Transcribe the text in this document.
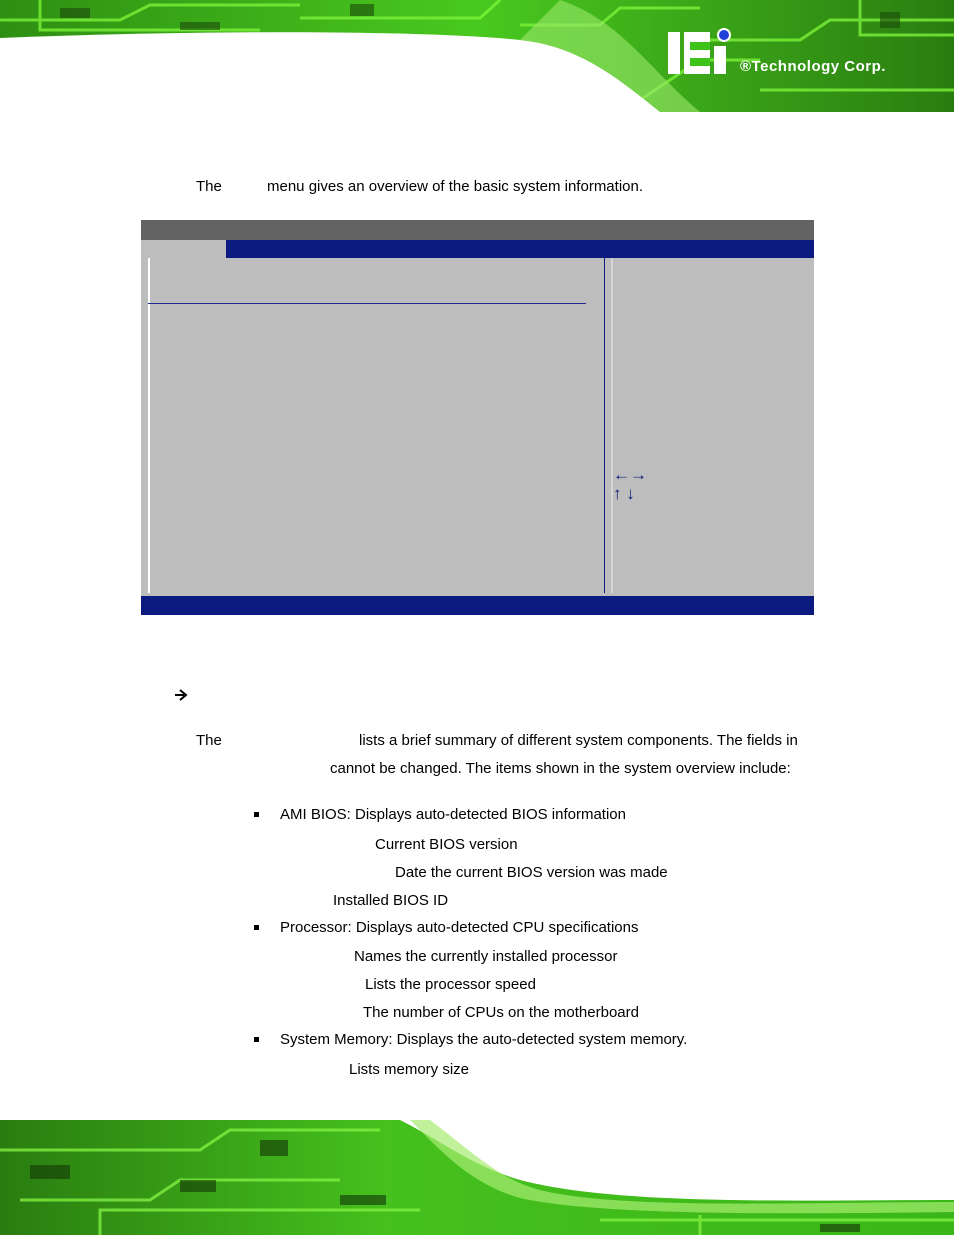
®Technology Corp.
The	menu gives an overview of the basic system information.
←→
↑ ↓
The	lists a brief summary of different system components. The fields in
cannot be changed. The items shown in the system overview include:
AMI BIOS: Displays auto-detected BIOS information
Current BIOS version
Date the current BIOS version was made
Installed BIOS ID
Processor: Displays auto-detected CPU specifications
Names the currently installed processor
Lists the processor speed
The number of CPUs on the motherboard
System Memory: Displays the auto-detected system memory.
Lists memory size
